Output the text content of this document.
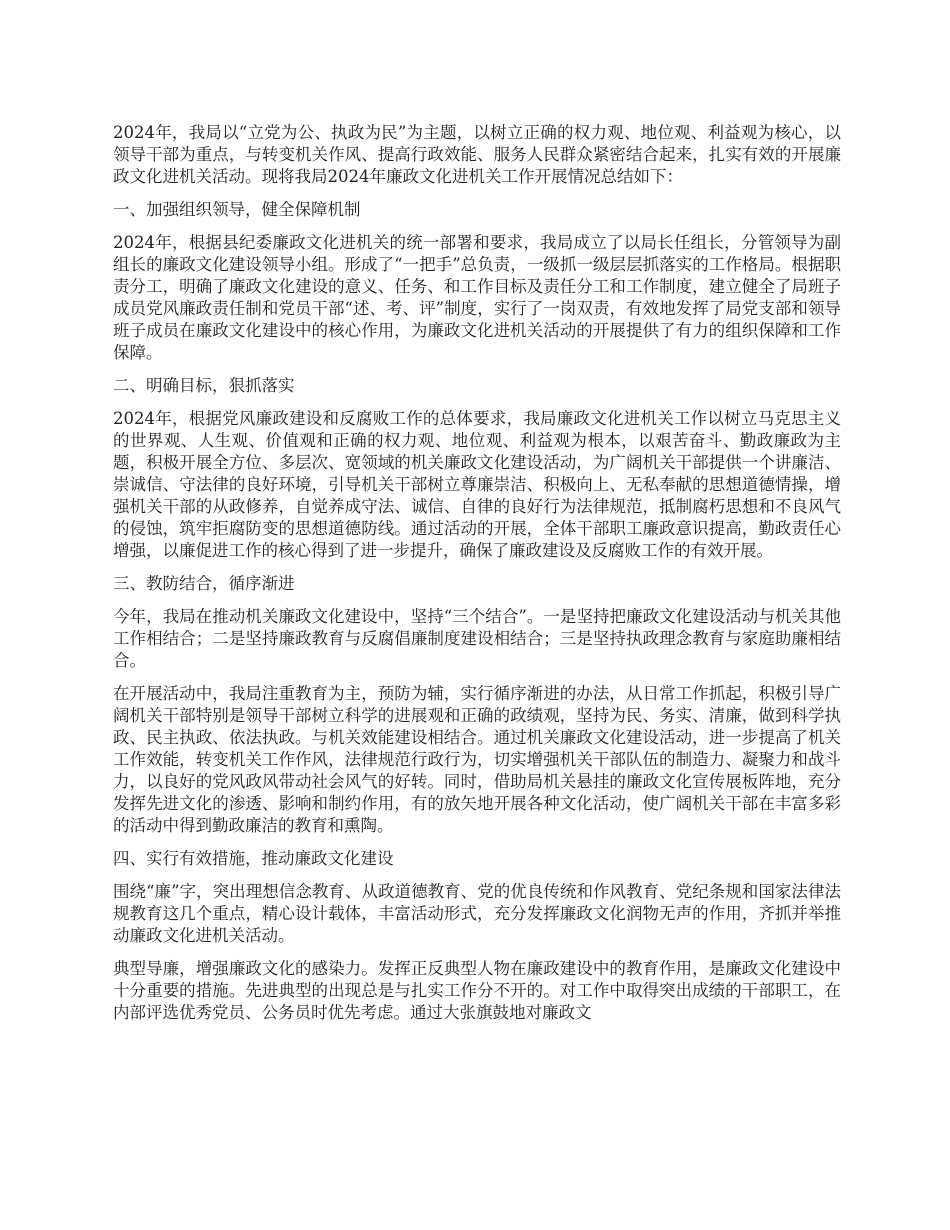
2024年，我局以“立党为公、执政为民”为主题，以树立正确的权力观、地位观、利益观为核心，以领导干部为重点，与转变机关作风、提高行政效能、服务人民群众紧密结合起来，扎实有效的开展廉政文化进机关活动。现将我局2024年廉政文化进机关工作开展情况总结如下：

一、加强组织领导，健全保障机制

2024年，根据县纪委廉政文化进机关的统一部署和要求，我局成立了以局长任组长，分管领导为副组长的廉政文化建设领导小组。形成了“一把手”总负责，一级抓一级层层抓落实的工作格局。根据职责分工，明确了廉政文化建设的意义、任务、和工作目标及责任分工和工作制度，建立健全了局班子成员党风廉政责任制和党员干部“述、考、评”制度，实行了一岗双责，有效地发挥了局党支部和领导班子成员在廉政文化建设中的核心作用，为廉政文化进机关活动的开展提供了有力的组织保障和工作保障。

二、明确目标，狠抓落实

2024年，根据党风廉政建设和反腐败工作的总体要求，我局廉政文化进机关工作以树立马克思主义的世界观、人生观、价值观和正确的权力观、地位观、利益观为根本，以艰苦奋斗、勤政廉政为主题，积极开展全方位、多层次、宽领域的机关廉政文化建设活动，为广阔机关干部提供一个讲廉洁、崇诚信、守法律的良好环境，引导机关干部树立尊廉崇洁、积极向上、无私奉献的思想道德情操，增强机关干部的从政修养，自觉养成守法、诚信、自律的良好行为法律规范，抵制腐朽思想和不良风气的侵蚀，筑牢拒腐防变的思想道德防线。通过活动的开展，全体干部职工廉政意识提高，勤政责任心增强，以廉促进工作的核心得到了进一步提升，确保了廉政建设及反腐败工作的有效开展。

三、教防结合，循序渐进

今年，我局在推动机关廉政文化建设中，坚持“三个结合”。一是坚持把廉政文化建设活动与机关其他工作相结合；二是坚持廉政教育与反腐倡廉制度建设相结合；三是坚持执政理念教育与家庭助廉相结合。

在开展活动中，我局注重教育为主，预防为辅，实行循序渐进的办法，从日常工作抓起，积极引导广阔机关干部特别是领导干部树立科学的进展观和正确的政绩观，坚持为民、务实、清廉，做到科学执政、民主执政、依法执政。与机关效能建设相结合。通过机关廉政文化建设活动，进一步提高了机关工作效能，转变机关工作作风，法律规范行政行为，切实增强机关干部队伍的制造力、凝聚力和战斗力，以良好的党风政风带动社会风气的好转。同时，借助局机关悬挂的廉政文化宣传展板阵地，充分发挥先进文化的渗透、影响和制约作用，有的放矢地开展各种文化活动，使广阔机关干部在丰富多彩的活动中得到勤政廉洁的教育和熏陶。

四、实行有效措施，推动廉政文化建设

围绕“廉”字，突出理想信念教育、从政道德教育、党的优良传统和作风教育、党纪条规和国家法律法规教育这几个重点，精心设计载体，丰富活动形式，充分发挥廉政文化润物无声的作用，齐抓并举推动廉政文化进机关活动。

典型导廉，增强廉政文化的感染力。发挥正反典型人物在廉政建设中的教育作用，是廉政文化建设中十分重要的措施。先进典型的出现总是与扎实工作分不开的。对工作中取得突出成绩的干部职工，在内部评选优秀党员、公务员时优先考虑。通过大张旗鼓地对廉政文
